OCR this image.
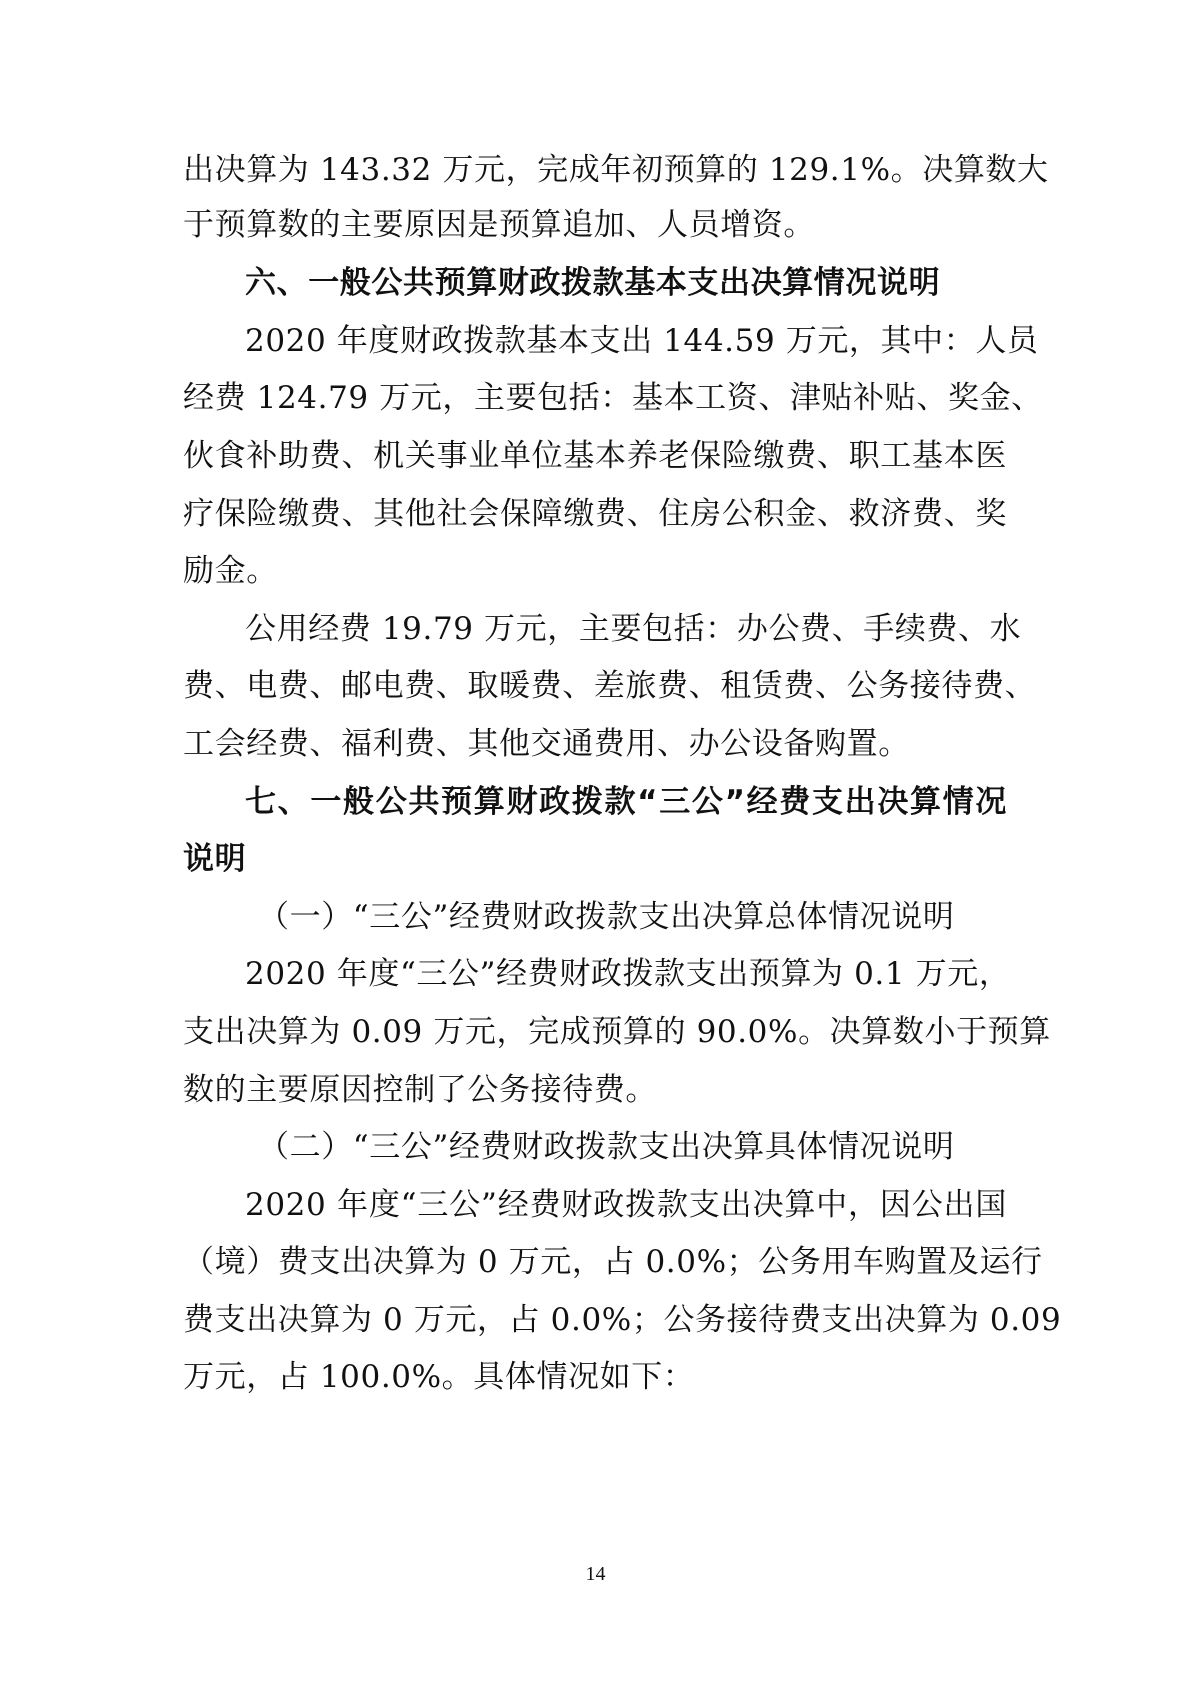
出决算为 143.32 万元，完成年初预算的 129.1%。决算数大
于预算数的主要原因是预算追加、人员增资。
六、一般公共预算财政拨款基本支出决算情况说明
2020 年度财政拨款基本支出 144.59 万元，其中：人员
经费 124.79 万元，主要包括：基本工资、津贴补贴、奖金、
伙食补助费、机关事业单位基本养老保险缴费、职工基本医
疗保险缴费、其他社会保障缴费、住房公积金、救济费、奖
励金。
公用经费 19.79 万元，主要包括：办公费、手续费、水
费、电费、邮电费、取暖费、差旅费、租赁费、公务接待费、
工会经费、福利费、其他交通费用、办公设备购置。
七、一般公共预算财政拨款“三公”经费支出决算情况
说明
（一）“三公”经费财政拨款支出决算总体情况说明
2020 年度“三公”经费财政拨款支出预算为 0.1 万元，
支出决算为 0.09 万元，完成预算的 90.0%。决算数小于预算
数的主要原因控制了公务接待费。
（二）“三公”经费财政拨款支出决算具体情况说明
2020 年度“三公”经费财政拨款支出决算中，因公出国
（境）费支出决算为 0 万元，占 0.0%；公务用车购置及运行
费支出决算为 0 万元，占 0.0%；公务接待费支出决算为 0.09
万元，占 100.0%。具体情况如下：
14
